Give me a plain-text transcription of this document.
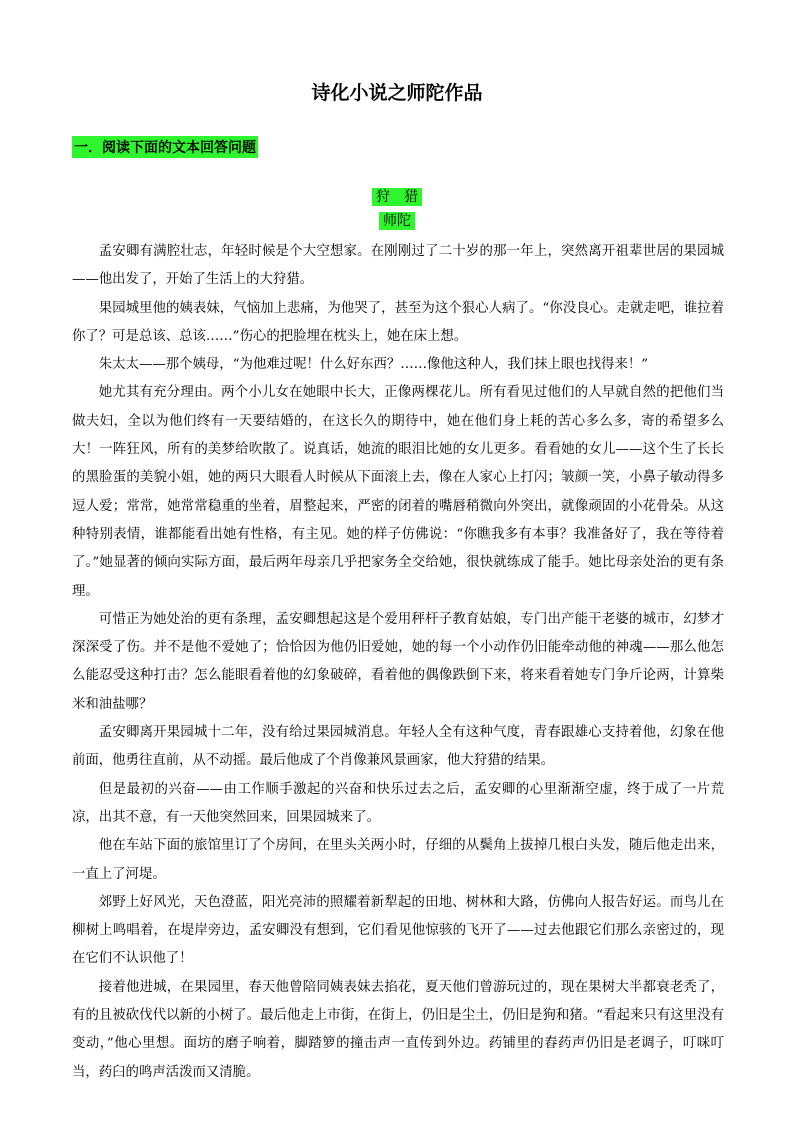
诗化小说之师陀作品
一．阅读下面的文本回答问题
狩　猎
师陀

孟安卿有满腔壮志，年轻时候是个大空想家。在刚刚过了二十岁的那一年上，突然离开祖辈世居的果园城——他出发了，开始了生活上的大狩猎。

果园城里他的姨表妹，气恼加上悲痛，为他哭了，甚至为这个狠心人病了。“你没良心。走就走吧，谁拉着你了？可是总该、总该……”伤心的把脸埋在枕头上，她在床上想。

朱太太——那个姨母，“为他难过呢！什么好东西？……像他这种人，我们抹上眼也找得来！”

她尤其有充分理由。两个小儿女在她眼中长大，正像两棵花儿。所有看见过他们的人早就自然的把他们当做夫妇，全以为他们终有一天要结婚的，在这长久的期待中，她在他们身上耗的苦心多么多，寄的希望多么大！一阵狂风，所有的美梦给吹散了。说真话，她流的眼泪比她的女儿更多。看看她的女儿——这个生了长长的黑脸蛋的美貌小姐，她的两只大眼看人时候从下面滚上去，像在人家心上打闪；皱颜一笑，小鼻子敏动得多逗人爱；常常，她常常稳重的坐着，眉整起来，严密的闭着的嘴唇稍微向外突出，就像顽固的小花骨朵。从这种特别表情，谁都能看出她有性格，有主见。她的样子仿佛说：“你瞧我多有本事？我准备好了，我在等待着了。”她显著的倾向实际方面，最后两年母亲几乎把家务全交给她，很快就练成了能手。她比母亲处治的更有条理。

可惜正为她处治的更有条理，孟安卿想起这是个爱用秤杆子教育姑娘，专门出产能干老婆的城市，幻梦才深深受了伤。并不是他不爱她了；恰恰因为他仍旧爱她，她的每一个小动作仍旧能牵动他的神魂——那么他怎么能忍受这种打击？怎么能眼看着他的幻象破碎，看着他的偶像跌倒下来，将来看着她专门争斤论两，计算柴米和油盐哪？

孟安卿离开果园城十二年，没有给过果园城消息。年轻人全有这种气度，青春跟雄心支持着他，幻象在他前面，他勇往直前，从不动摇。最后他成了个肖像兼风景画家，他大狩猎的结果。

但是最初的兴奋——由工作顺手激起的兴奋和快乐过去之后，孟安卿的心里渐渐空虚，终于成了一片荒凉，出其不意，有一天他突然回来，回果园城来了。

他在车站下面的旅馆里订了个房间，在里头关两小时，仔细的从鬓角上拔掉几根白头发，随后他走出来，一直上了河堤。

郊野上好风光，天色澄蓝，阳光亮沛的照耀着新犁起的田地、树林和大路，仿佛向人报告好运。而鸟儿在柳树上鸣唱着，在堤岸旁边，孟安卿没有想到，它们看见他惊骇的飞开了——过去他跟它们那么亲密过的，现在它们不认识他了！

接着他进城，在果园里，春天他曾陪同姨表妹去掐花，夏天他们曾游玩过的，现在果树大半都衰老秃了，有的且被砍伐代以新的小树了。最后他走上市街，在街上，仍旧是尘土，仍旧是狗和猪。“看起来只有这里没有变动，”他心里想。面坊的磨子响着，脚踏箩的撞击声一直传到外边。药铺里的舂药声仍旧是老调子，叮咪叮当，药臼的鸣声活泼而又清脆。
